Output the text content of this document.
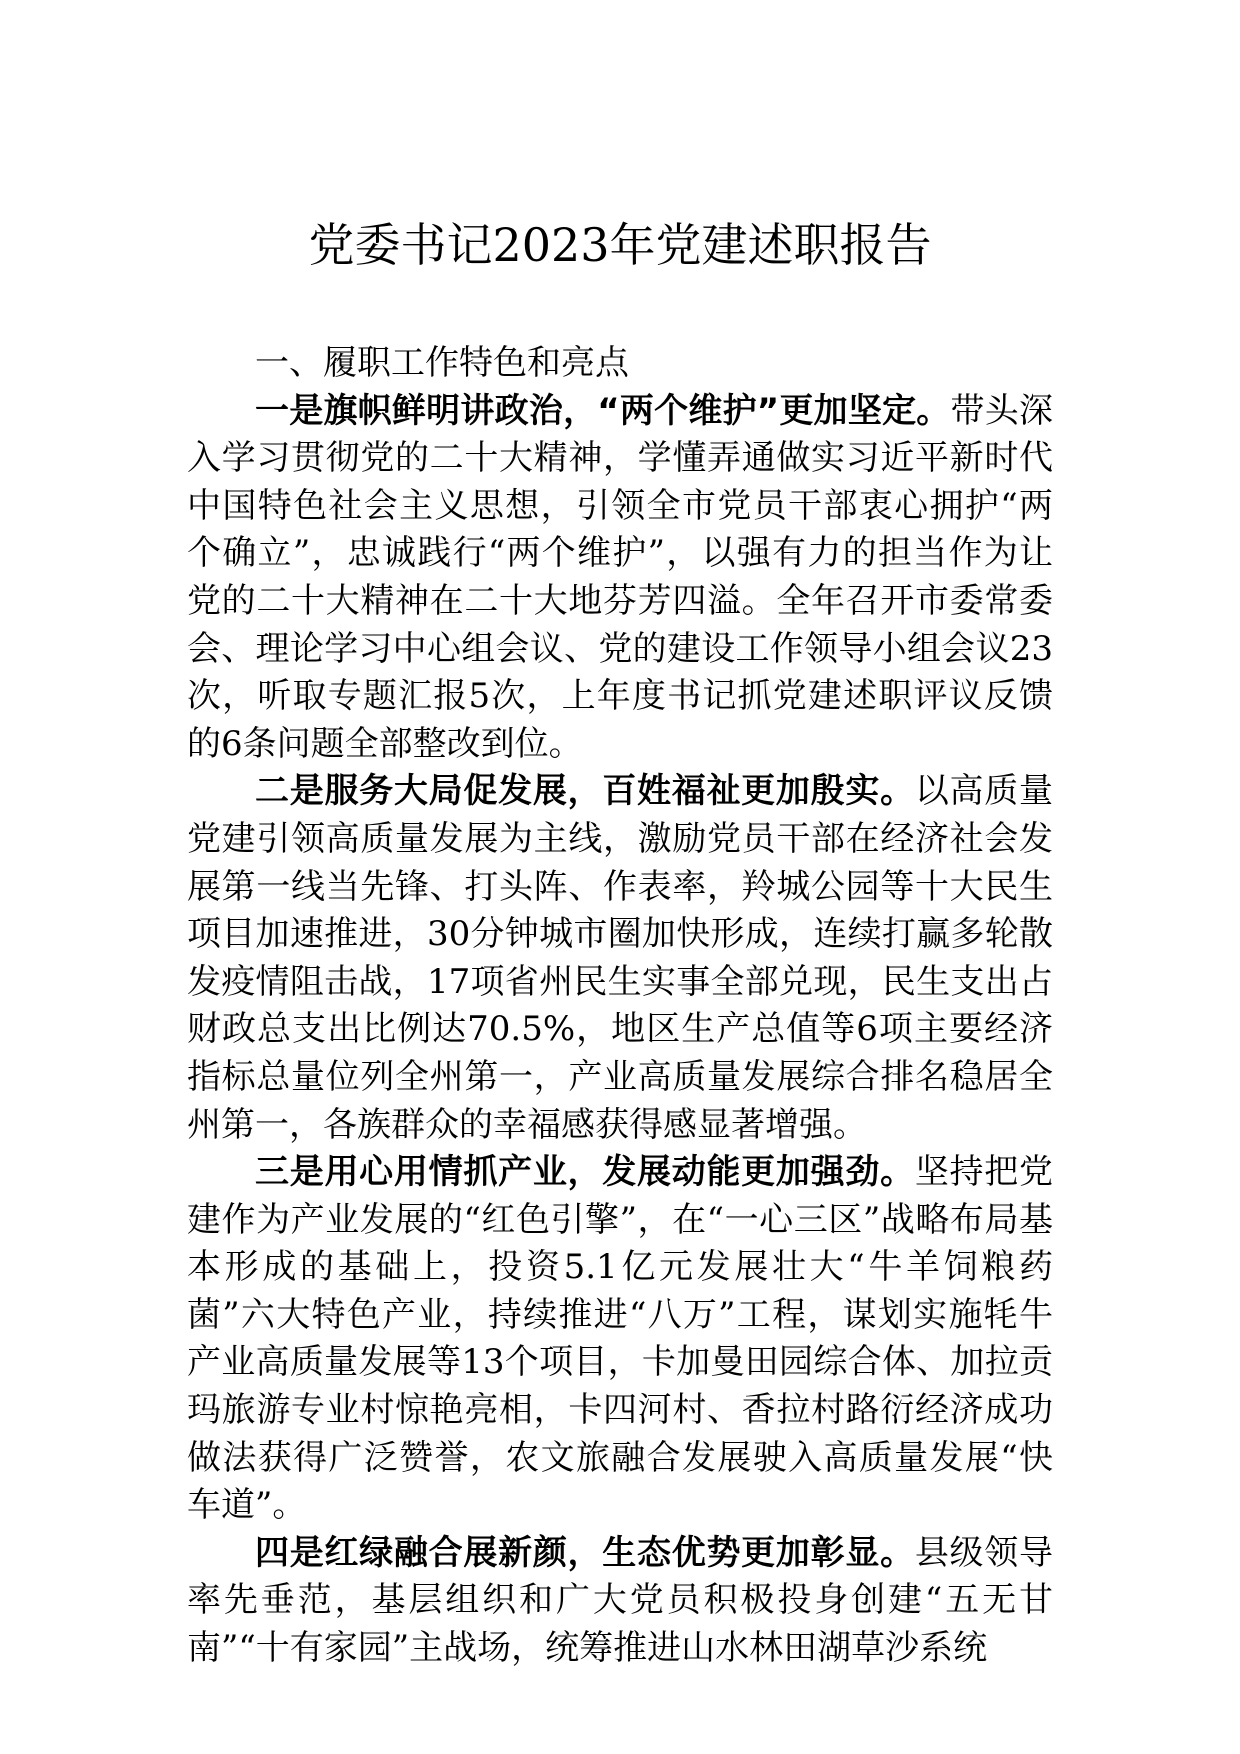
党委书记2023年党建述职报告

一、履职工作特色和亮点

一是旗帜鲜明讲政治，“两个维护”更加坚定。带头深入学习贯彻党的二十大精神，学懂弄通做实习近平新时代中国特色社会主义思想，引领全市党员干部衷心拥护“两个确立”，忠诚践行“两个维护”，以强有力的担当作为让党的二十大精神在二十大地芬芳四溢。全年召开市委常委会、理论学习中心组会议、党的建设工作领导小组会议23次，听取专题汇报5次，上年度书记抓党建述职评议反馈的6条问题全部整改到位。

二是服务大局促发展，百姓福祉更加殷实。以高质量党建引领高质量发展为主线，激励党员干部在经济社会发展第一线当先锋、打头阵、作表率，羚城公园等十大民生项目加速推进，30分钟城市圈加快形成，连续打赢多轮散发疫情阻击战，17项省州民生实事全部兑现，民生支出占财政总支出比例达70.5%，地区生产总值等6项主要经济指标总量位列全州第一，产业高质量发展综合排名稳居全州第一，各族群众的幸福感获得感显著增强。

三是用心用情抓产业，发展动能更加强劲。坚持把党建作为产业发展的“红色引擎”，在“一心三区”战略布局基本形成的基础上，投资5.1亿元发展壮大“牛羊饲粮药菌”六大特色产业，持续推进“八万”工程，谋划实施牦牛产业高质量发展等13个项目，卡加曼田园综合体、加拉贡玛旅游专业村惊艳亮相，卡四河村、香拉村路衍经济成功做法获得广泛赞誉，农文旅融合发展驶入高质量发展“快车道”。

四是红绿融合展新颜，生态优势更加彰显。县级领导率先垂范，基层组织和广大党员积极投身创建“五无甘南”“十有家园”主战场，统筹推进山水林田湖草沙系统
